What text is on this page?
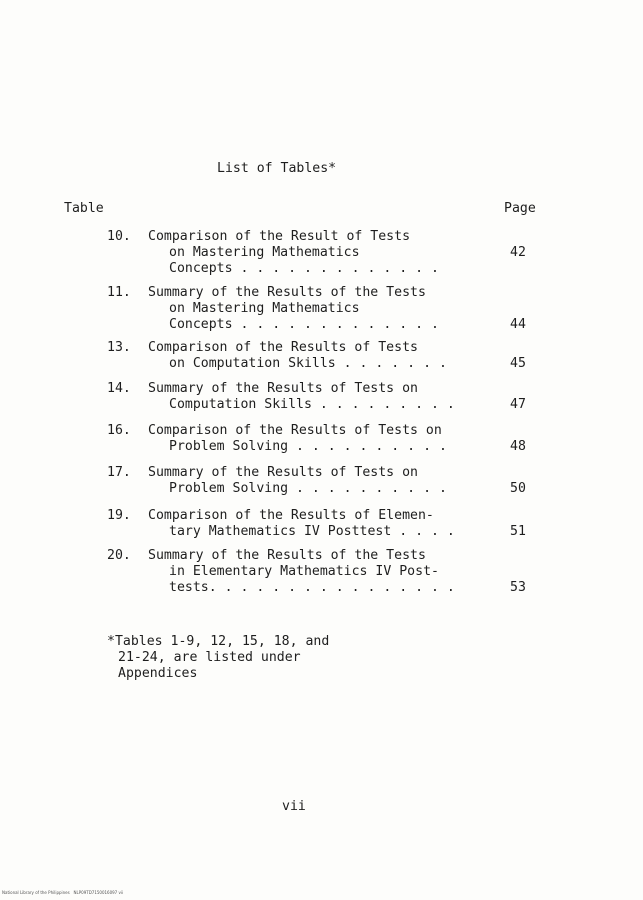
List of Tables*
Table	Page
10. Comparison of the Result of Tests
on Mastering Mathematics
Concepts . . . . . . . . . . . . .
42
11. Summary of the Results of the Tests
on Mastering Mathematics
Concepts . . . . . . . . . . . . .	44
13. Comparison of the Results of Tests
on Computation Skills . . . . . . .	45
14. Summary of the Results of Tests on
Computation Skills . . . . . . . . .	47
16. Comparison of the Results of Tests on
Problem Solving . . . . . . . . . .	48
17. Summary of the Results of Tests on
Problem Solving . . . . . . . . . .	50
19. Comparison of the Results of Elemen-
tary Mathematics IV Posttest . . . .	51
20. Summary of the Results of the Tests
in Elementary Mathematics IV Post-
tests. . . . . . . . . . . . . . . .	53
*Tables 1-9, 12, 15, 18, and
21-24, are listed under
Appendices
vii
National Library of the Philippines   NLP09TD7150016097 vii
